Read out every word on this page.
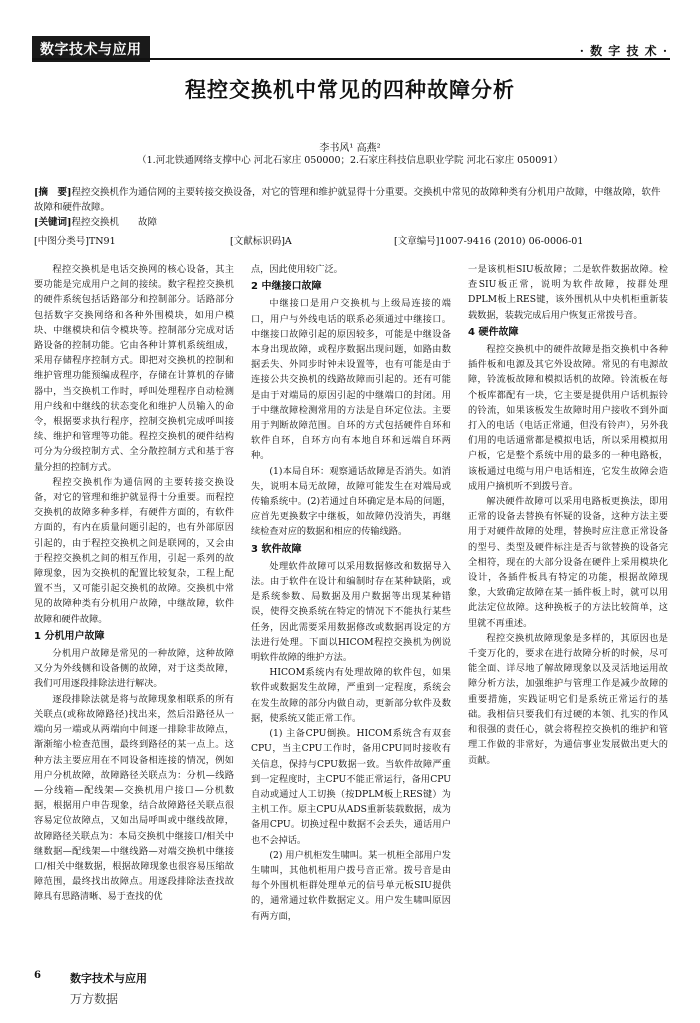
数字技术与应用	· 数 字 技 术 ·
程控交换机中常见的四种故障分析
李书风¹ 高燕²
（1.河北铁通网络支撑中心 河北石家庄 050000；2.石家庄科技信息职业学院 河北石家庄 050091）
[摘　要]程控交换机作为通信网的主要转接交换设备，对它的管理和维护就显得十分重要。交换机中常见的故障种类有分机用户故障，中继故障，软件故障和硬件故障。
[关键词]程控交换机　　故障
[中图分类号]TN91	[文献标识码]A	[文章编号]1007-9416 (2010) 06-0006-01

程控交换机是电话交换网的核心设备，其主要功能是完成用户之间的接续。数字程控交换机的硬件系统包括话路部分和控制部分。话路部分包括数字交换网络和各种外围模块，如用户模块、中继模块和信令模块等。控制部分完成对话路设备的控制功能。它由各种计算机系统组成，采用存储程序控制方式。即把对交换机的控制和维护管理功能预编成程序，存储在计算机的存储器中，当交换机工作时，呼叫处理程序自动检测用户线和中继线的状态变化和维护人员输入的命令，根据要求执行程序，控制交换机完成呼叫接续、维护和管理等功能。程控交换机的硬件结构可分为分级控制方式、全分散控制方式和基于容量分担的控制方式。

程控交换机作为通信网的主要转接交换设备，对它的管理和维护就显得十分重要。而程控交换机的故障多种多样，有硬件方面的，有软件方面的，有内在质量问题引起的，也有外部原因引起的，由于程控交换机之间是联网的，又会由于程控交换机之间的相互作用，引起一系列的故障现象，因为交换机的配置比较复杂，工程上配置不当，又可能引起交换机的故障。交换机中常见的故障种类有分机用户故障，中继故障，软件故障和硬件故障。

1 分机用户故障

分机用户故障是常见的一种故障，这种故障又分为外线侧和设备侧的故障，对于这类故障，我们可用逐段排除法进行解决。

逐段排除法就是将与故障现象相联系的所有关联点(或称故障路径)找出来，然后沿路径从一端向另一端或从两端向中间逐一排除非故障点，渐渐缩小检查范围，最终到路径的某一点上。这种方法主要应用在不同设备相连接的情况，例如用户分机故障，故障路径关联点为：分机—线路—分线箱—配线架—交换机用户接口—分机数据，根据用户申告现象，结合故障路径关联点很容易定位故障点，又如出局呼叫或中继线故障，故障路径关联点为：本局交换机中继接口/相关中继数据—配线架—中继线路—对端交换机中继接口/相关中继数据，根据故障现象也很容易压缩故障范围，最终找出故障点。用逐段排除法查找故障具有思路清晰、易于查找的优

点，因此使用较广泛。

2 中继接口故障

中继接口是用户交换机与上级局连接的端口，用户与外线电话的联系必须通过中继接口。中继接口故障引起的原因较多，可能是中继设备本身出现故障，或程序数据出现问题，如路由数据丢失、外同步时钟未设置等，也有可能是由于连接公共交换机的线路故障而引起的。还有可能是由于对端局的原因引起的中继端口的封闭。用于中继故障检测常用的方法是自环定位法。主要用于判断故障范围。自环的方式包括硬件自环和软件自环，自环方向有本地自环和远端自环两种。

(1)本局自环：观察通话故障是否消失。如消失，说明本局无故障，故障可能发生在对端局或传输系统中。(2)若通过自环确定是本局的问题，应首先更换数字中继板，如故障仍没消失，再继续检查对应的数据和相应的传输线路。

3 软件故障

处理软件故障可以采用数据修改和数据导入法。由于软件在设计和编制时存在某种缺陷，或是系统参数、局数据及用户数据等出现某种错误，使得交换系统在特定的情况下不能执行某些任务，因此需要采用数据修改或数据再设定的方法进行处理。下面以HICOM程控交换机为例说明软件故障的维护方法。

HICOM系统内有处理故障的软件包，如果软件或数据发生故障，严重到一定程度，系统会在发生故障的部分内做自动，更新部分软件及数据，使系统又能正常工作。

(1) 主备CPU倒换。HICOM系统含有双套CPU，当主CPU工作时，备用CPU同时接收有关信息，保持与CPU数据一致。当软件故障严重到一定程度时，主CPU不能正常运行，备用CPU自动或通过人工切换（按DPLM板上RES键）为主机工作。原主CPU从ADS重新装载数据，成为备用CPU。切换过程中数据不会丢失，通话用户也不会掉话。

(2) 用户机柜发生啸叫。某一机柜全部用户发生啸叫，其他机柜用户拨号音正常。拨号音是由每个外围机柜群处理单元的信号单元板SIU提供的，通常通过软件数据定义。用户发生啸叫原因有两方面，

一是该机柜SIU板故障；二是软件数据故障。检查SIU板正常，说明为软件故障，按群处理DPLM板上RES键，该外围机从中央机柜重新装载数据，装载完成后用户恢复正常拨号音。

4 硬件故障

程控交换机中的硬件故障是指交换机中各种插件板和电源及其它外设故障。常见的有电源故障，铃流板故障和模拟话机的故障。铃流板在每个板库都配有一块，它主要是提供用户话机振铃的铃流，如果该板发生故障时用户接收不到外面打入的电话（电话正常通，但没有铃声），另外我们用的电话通常都是模拟电话，所以采用模拟用户板，它是整个系统中用的最多的一种电路板，该板通过电缆与用户电话相连，它发生故障会造成用户摘机听不到拨号音。

解决硬件故障可以采用电路板更换法，即用正常的设备去替换有怀疑的设备，这种方法主要用于对硬件故障的处理，替换时应注意正常设备的型号、类型及硬件标注是否与欲替换的设备完全相符，现在的大部分设备在硬件上采用模块化设计，各插件板具有特定的功能，根据故障现象，大致确定故障在某一插件板上时，就可以用此法定位故障。这种换板子的方法比较简单，这里就不再重述。

程控交换机故障现象是多样的，其原因也是千变万化的，要求在进行故障分析的时候，尽可能全面、详尽地了解故障现象以及灵活地运用故障分析方法，加强维护与管理工作是减少故障的重要措施，实践证明它们是系统正常运行的基础。我相信只要我们有过硬的本领、扎实的作风和很强的责任心，就会将程控交换机的维护和管理工作做的非常好，为通信事业发展做出更大的贡献。

6	数字技术与应用
万方数据
